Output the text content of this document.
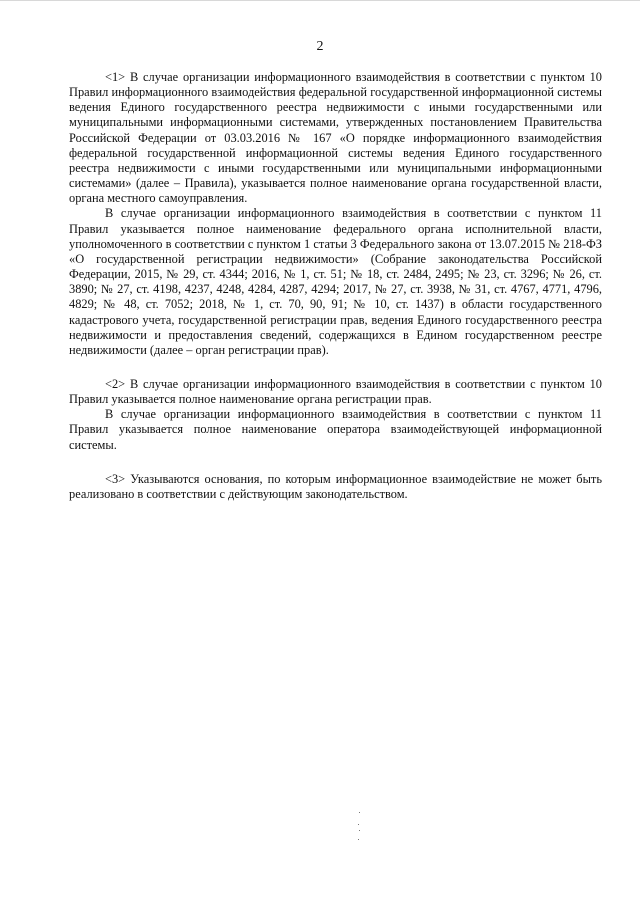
2

<1> В случае организации информационного взаимодействия в соответствии с пунктом 10 Правил информационного взаимодействия федеральной государственной информационной системы ведения Единого государственного реестра недвижимости с иными государственными или муниципальными информационными системами, утвержденных постановлением Правительства Российской Федерации от 03.03.2016 № 167 «О порядке информационного взаимодействия федеральной государственной информационной системы ведения Единого государственного реестра недвижимости с иными государственными или муниципальными информационными системами» (далее – Правила), указывается полное наименование органа государственной власти, органа местного самоуправления.

В случае организации информационного взаимодействия в соответствии с пунктом 11 Правил указывается полное наименование федерального органа исполнительной власти, уполномоченного в соответствии с пунктом 1 статьи 3 Федерального закона от 13.07.2015 № 218-ФЗ «О государственной регистрации недвижимости» (Собрание законодательства Российской Федерации, 2015, № 29, ст. 4344; 2016, № 1, ст. 51; № 18, ст. 2484, 2495; № 23, ст. 3296; № 26, ст. 3890; № 27, ст. 4198, 4237, 4248, 4284, 4287, 4294; 2017, № 27, ст. 3938, № 31, ст. 4767, 4771, 4796, 4829; № 48, ст. 7052; 2018, № 1, ст. 70, 90, 91; № 10, ст. 1437) в области государственного кадастрового учета, государственной регистрации прав, ведения Единого государственного реестра недвижимости и предоставления сведений, содержащихся в Едином государственном реестре недвижимости (далее – орган регистрации прав).

<2> В случае организации информационного взаимодействия в соответствии с пунктом 10 Правил указывается полное наименование органа регистрации прав.

В случае организации информационного взаимодействия в соответствии с пунктом 11 Правил указывается полное наименование оператора взаимодействующей информационной системы.

<3> Указываются основания, по которым информационное взаимодействие не может быть реализовано в соответствии с действующим законодательством.
